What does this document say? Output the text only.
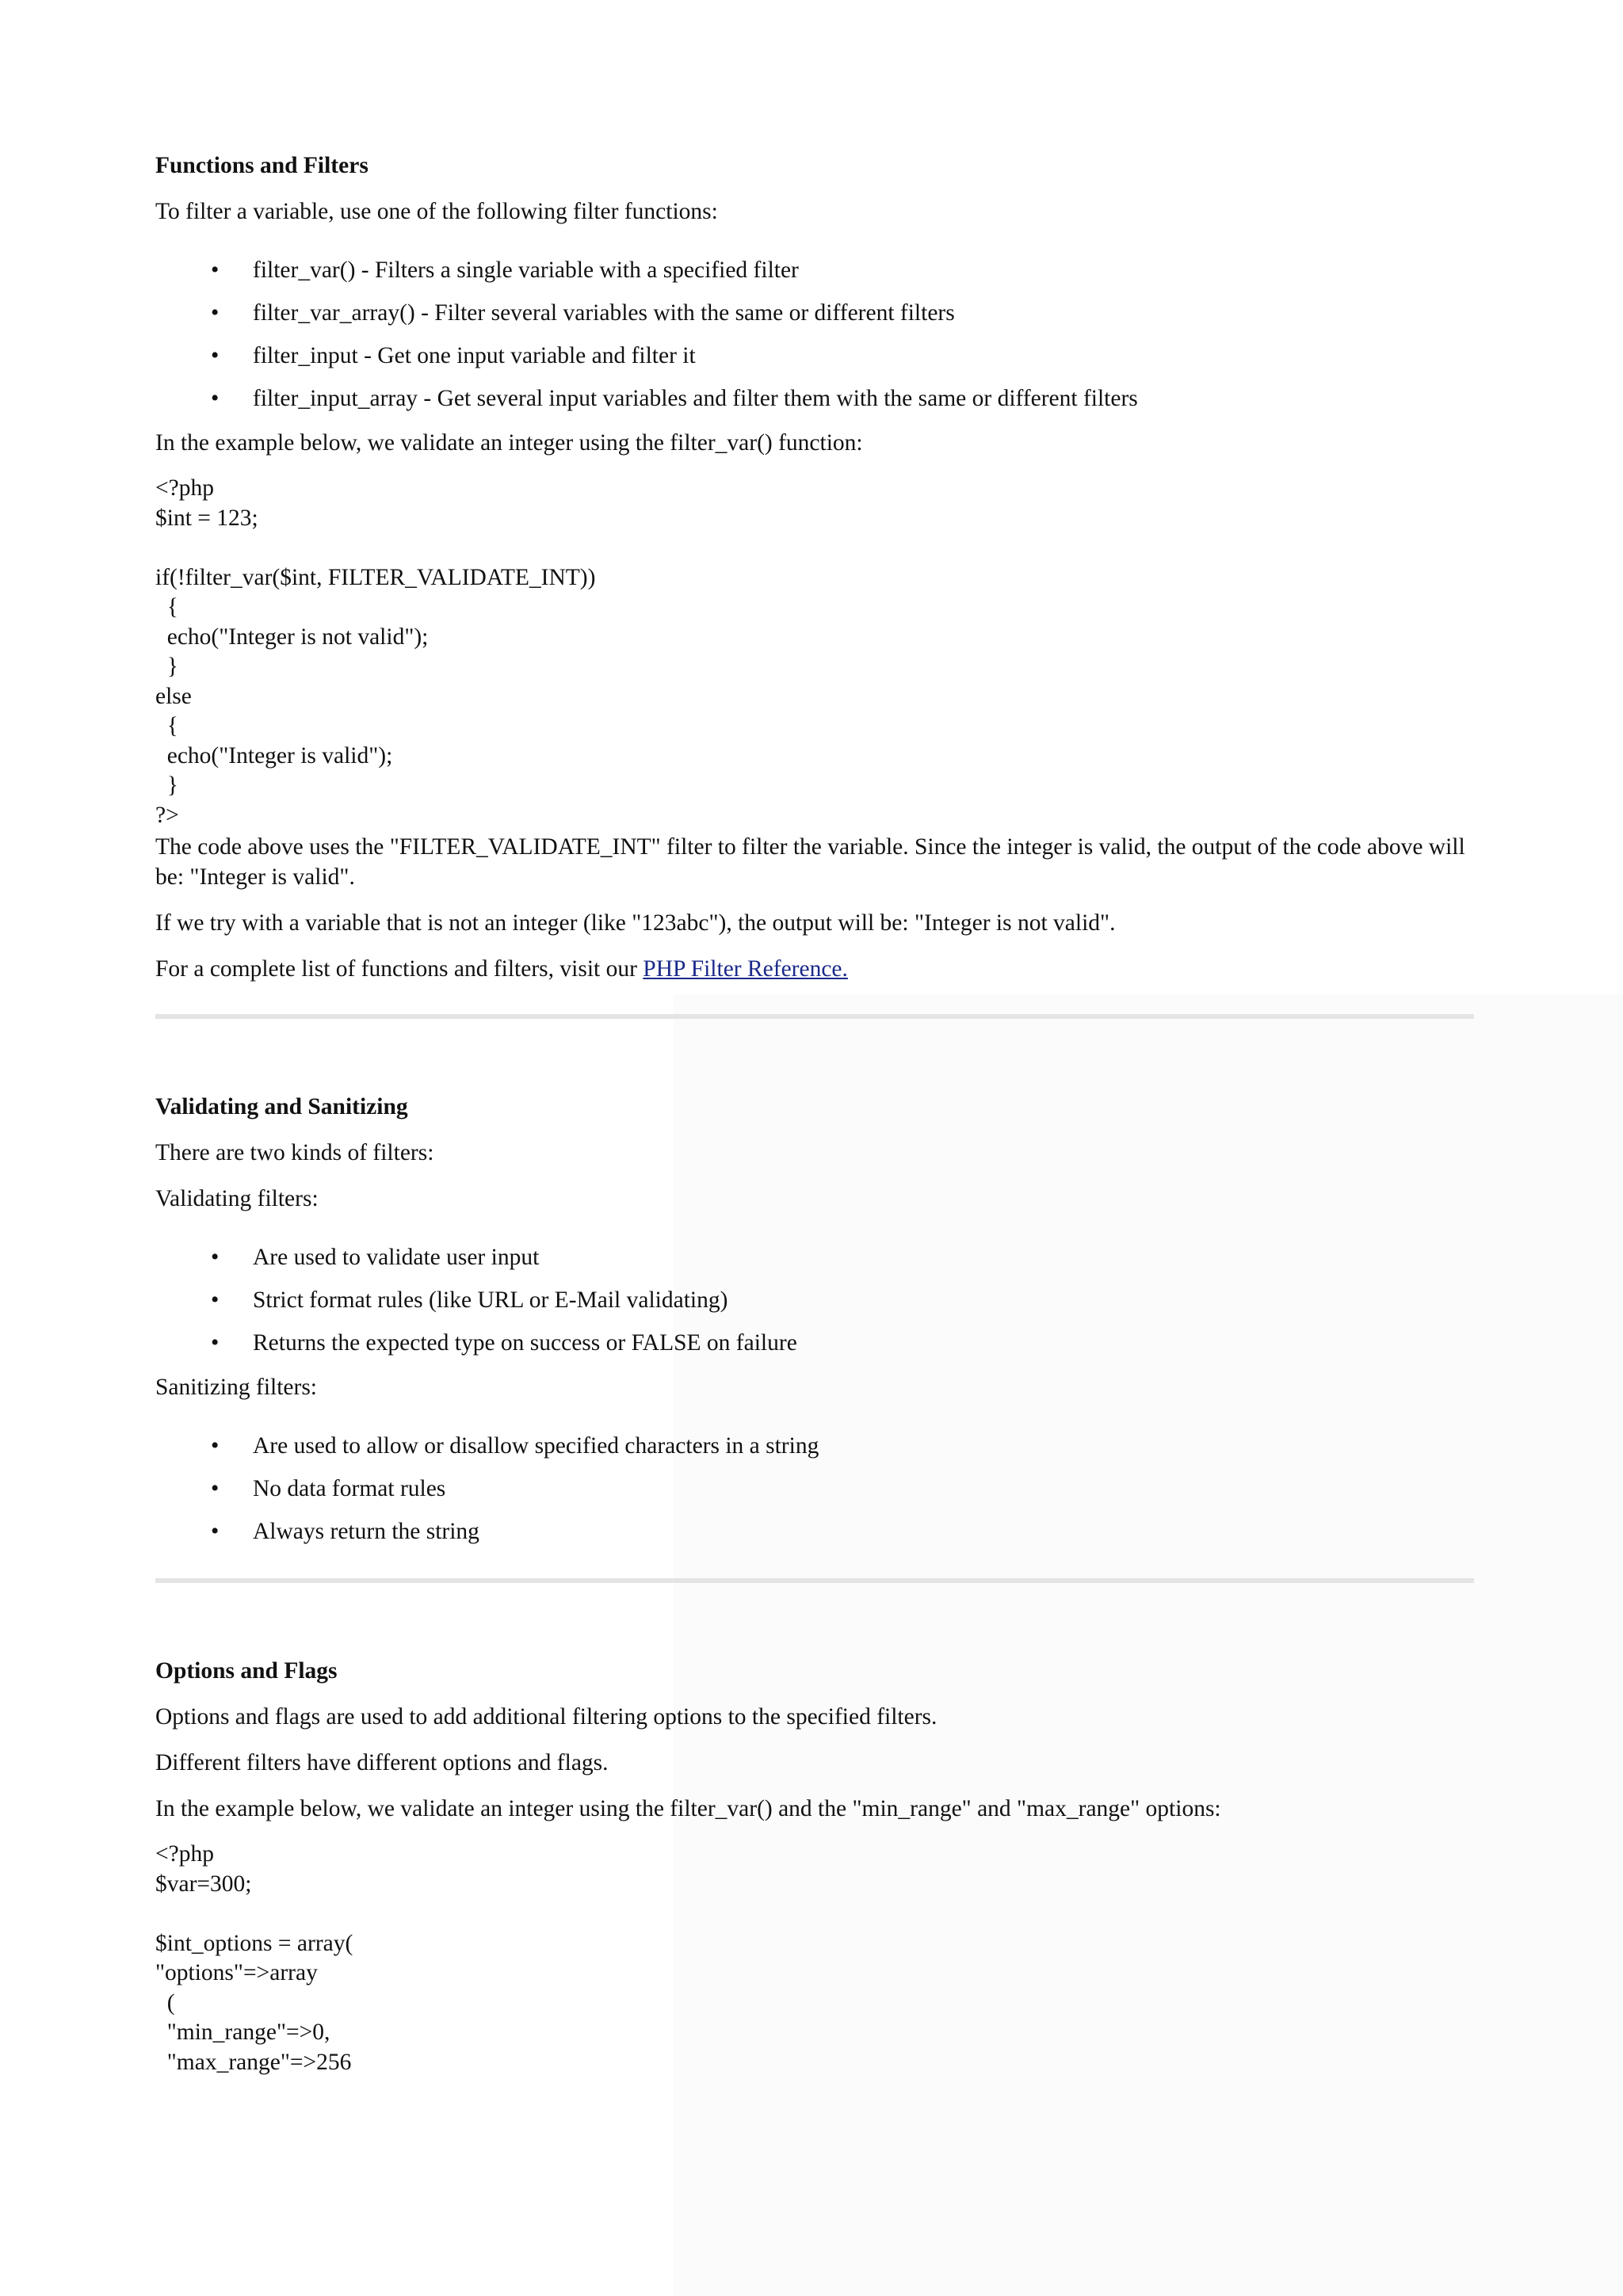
Functions and Filters

To filter a variable, use one of the following filter functions:

• filter_var() - Filters a single variable with a specified filter
• filter_var_array() - Filter several variables with the same or different filters
• filter_input - Get one input variable and filter it
• filter_input_array - Get several input variables and filter them with the same or different filters

In the example below, we validate an integer using the filter_var() function:

<?php
$int = 123;

if(!filter_var($int, FILTER_VALIDATE_INT))
{
echo("Integer is not valid");
}
else
{
echo("Integer is valid");
}
?>

The code above uses the "FILTER_VALIDATE_INT" filter to filter the variable. Since the integer is valid, the output of the code above will be: "Integer is valid".

If we try with a variable that is not an integer (like "123abc"), the output will be: "Integer is not valid".

For a complete list of functions and filters, visit our PHP Filter Reference.

Validating and Sanitizing

There are two kinds of filters:

Validating filters:

• Are used to validate user input
• Strict format rules (like URL or E-Mail validating)
• Returns the expected type on success or FALSE on failure

Sanitizing filters:

• Are used to allow or disallow specified characters in a string
• No data format rules
• Always return the string
Options and Flags

Options and flags are used to add additional filtering options to the specified filters.

Different filters have different options and flags.

In the example below, we validate an integer using the filter_var() and the "min_range" and "max_range" options:

<?php
$var=300;

$int_options = array(
"options"=>array
(
"min_range"=>0,
"max_range"=>256
